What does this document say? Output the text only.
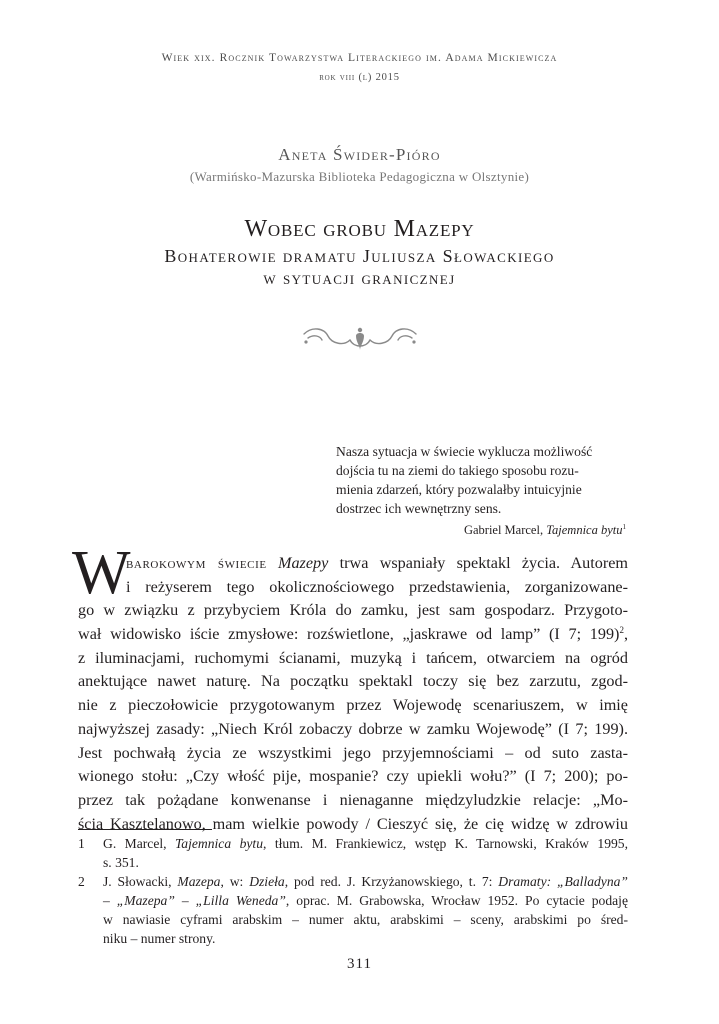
Wiek xix. Rocznik Towarzystwa Literackiego im. Adama Mickiewicza
rok viii (l) 2015
Aneta Świder-Pióro
(Warmińsko-Mazurska Biblioteka Pedagogiczna w Olsztynie)
Wobec grobu Mazepy
Bohaterowie dramatu Juliusza Słowackiego
w sytuacji granicznej
Nasza sytuacja w świecie wyklucza możliwość
dojścia tu na ziemi do takiego sposobu rozu-
mienia zdarzeń, który pozwalałby intuicyjnie
dostrzec ich wewnętrzny sens.
Gabriel Marcel, Tajemnica bytu$^1$
W
barokowym świecie Mazepy trwa wspaniały spektakl życia. Autorem
i reżyserem tego okolicznościowego przedstawienia, zorganizowane-
go w związku z przybyciem Króla do zamku, jest sam gospodarz. Przygoto-
wał widowisko iście zmysłowe: rozświetlone, „jaskrawe od lamp” (I 7; 199)$^2$,
z iluminacjami, ruchomymi ścianami, muzyką i tańcem, otwarciem na ogród
anektujące nawet naturę. Na początku spektakl toczy się bez zarzutu, zgod-
nie z pieczołowicie przygotowanym przez Wojewodę scenariuszem, w imię
najwyższej zasady: „Niech Król zobaczy dobrze w zamku Wojewodę” (I 7; 199).
Jest pochwałą życia ze wszystkimi jego przyjemnościami – od suto zasta-
wionego stołu: „Czy włość pije, mospanie? czy upiekli wołu?” (I 7; 200); po-
przez tak pożądane konwenanse i nienaganne międzyludzkie relacje: „Mo-
ścia Kasztelanowo, mam wielkie powody / Cieszyć się, że cię widzę w zdrowiu
1 G. Marcel, Tajemnica bytu, tłum. M. Frankiewicz, wstęp K. Tarnowski, Kraków 1995,
s. 351.
2 J. Słowacki, Mazepa, w: Dzieła, pod red. J. Krzyżanowskiego, t. 7: Dramaty: „Balladyna”
– „Mazepa” – „Lilla Weneda”, oprac. M. Grabowska, Wrocław 1952. Po cytacie podaję
w nawiasie cyframi arabskim – numer aktu, arabskimi – sceny, arabskimi po śred-
niku – numer strony.
311
